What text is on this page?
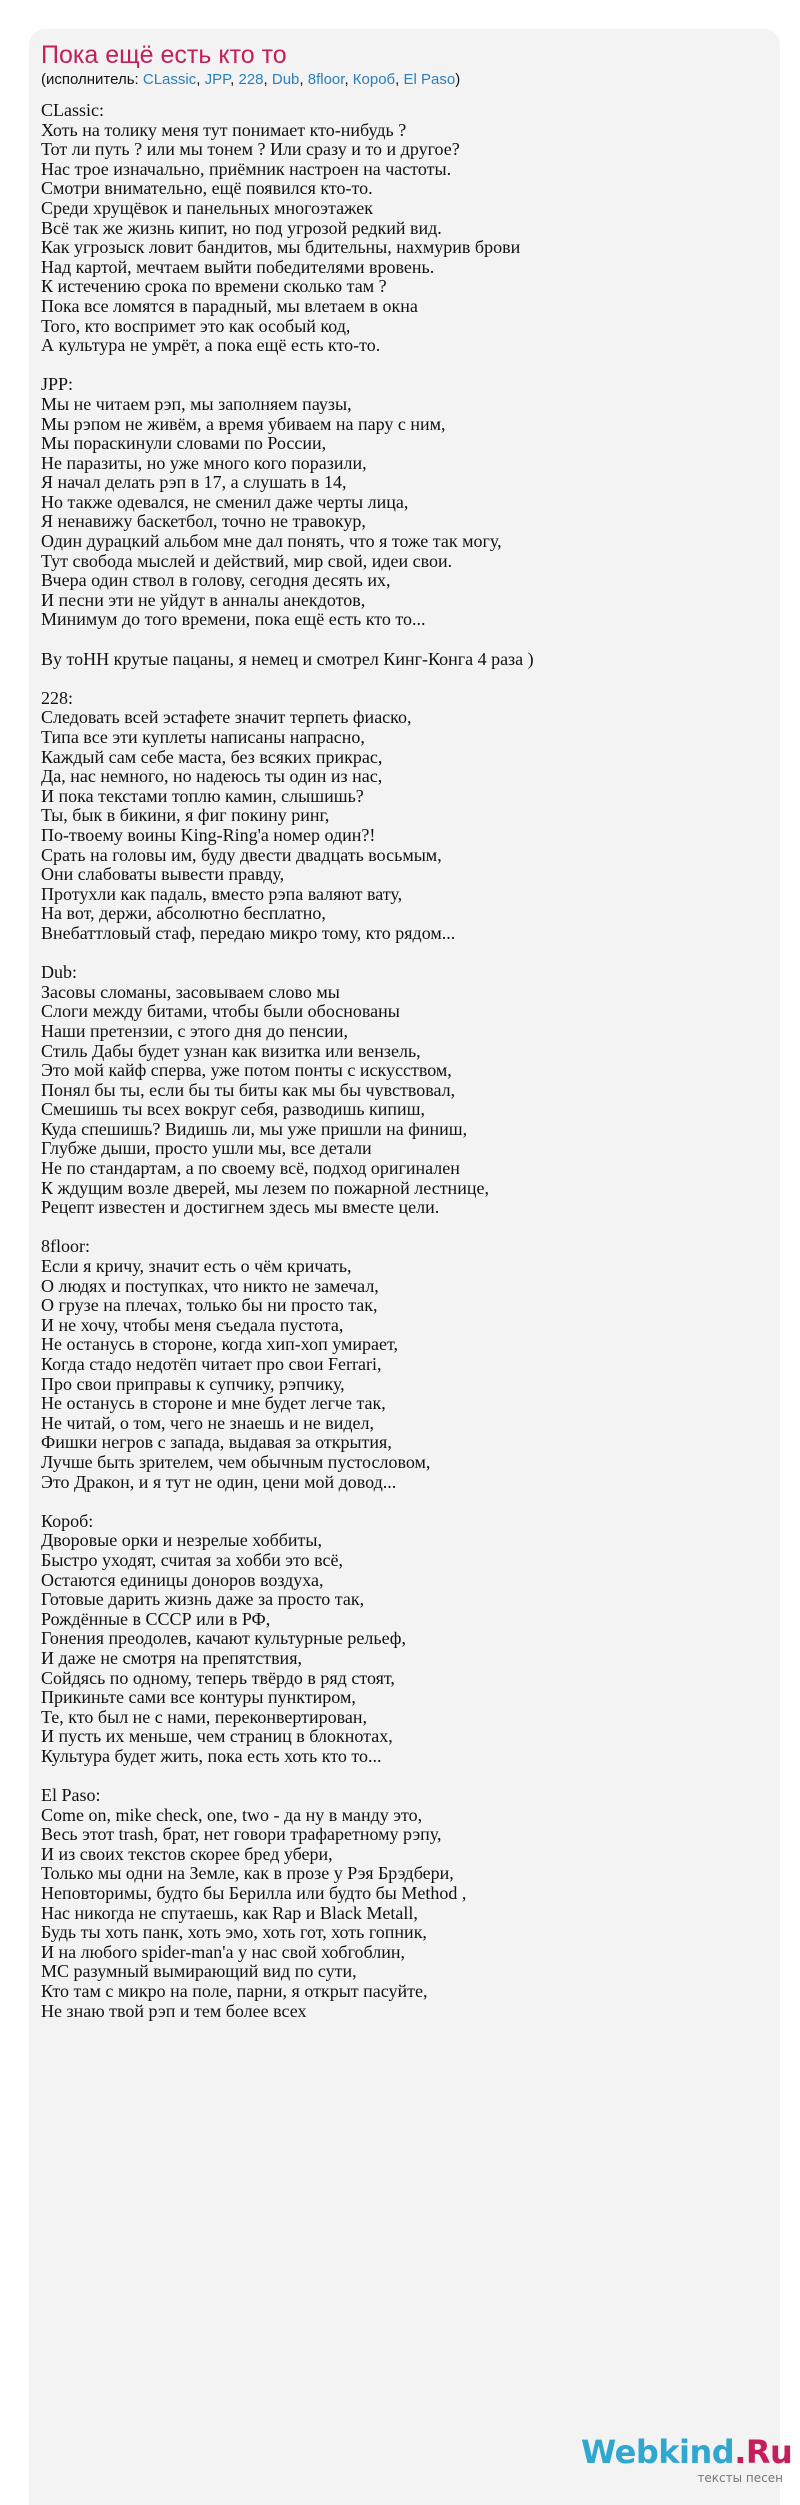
Пока ещё есть кто то
(исполнитель: CLassic, JPP, 228, Dub, 8floor, Короб, El Paso)
CLassic:
Хоть на толику меня тут понимает кто-нибудь ?
Тот ли путь ? или мы тонем ? Или сразу и то и другое?
Нас трое изначально, приёмник настроен на частоты.
Смотри внимательно, ещё появился кто-то.
Среди хрущёвок и панельных многоэтажек
Всё так же жизнь кипит, но под угрозой редкий вид.
Как угрозыск ловит бандитов, мы бдительны, нахмурив брови
Над картой, мечтаем выйти победителями вровень.
К истечению срока по времени сколько там ?
Пока все ломятся в парадный, мы влетаем в окна
Того, кто воспримет это как особый код,
А культура не умрёт, а пока ещё есть кто-то.
JPP:
Мы не читаем рэп, мы заполняем паузы,
Мы рэпом не живём, а время убиваем на пару с ним,
Мы пораскинули словами по России,
Не паразиты, но уже много кого поразили,
Я начал делать рэп в 17, а слушать в 14,
Но также одевался, не сменил даже черты лица,
Я ненавижу баскетбол, точно не травокур,
Один дурацкий альбом мне дал понять, что я тоже так могу,
Тут свобода мыслей и действий, мир свой, идеи свои.
Вчера один ствол в голову, сегодня десять их,
И песни эти не уйдут в анналы анекдотов,
Минимум до того времени, пока ещё есть кто то...
By тоНН крутые пацаны, я немец и смотрел Кинг-Конга 4 раза )
228:
Следовать всей эстафете значит терпеть фиаско,
Типа все эти куплеты написаны напрасно,
Каждый сам себе маста, без всяких прикрас,
Да, нас немного, но надеюсь ты один из нас,
И пока текстами топлю камин, слышишь?
Ты, бык в бикини, я фиг покину ринг,
По-твоему воины King-Ring'а номер один?!
Срать на головы им, буду двести двадцать восьмым,
Они слабоваты вывести правду,
Протухли как падаль, вместо рэпа валяют вату,
На вот, держи, абсолютно бесплатно,
Внебаттловый стаф, передаю микро тому, кто рядом...
Dub:
Засовы сломаны, засовываем слово мы
Слоги между битами, чтобы были обоснованы
Наши претензии, с этого дня до пенсии,
Стиль Дабы будет узнан как визитка или вензель,
Это мой кайф сперва, уже потом понты с искусством,
Понял бы ты, если бы ты биты как мы бы чувствовал,
Смешишь ты всех вокруг себя, разводишь кипиш,
Куда спешишь? Видишь ли, мы уже пришли на финиш,
Глубже дыши, просто ушли мы, все детали
Не по стандартам, а по своему всё, подход оригинален
К ждущим возле дверей, мы лезем по пожарной лестнице,
Рецепт известен и достигнем здесь мы вместе цели.
8floor:
Если я кричу, значит есть о чём кричать,
О людях и поступках, что никто не замечал,
О грузе на плечах, только бы ни просто так,
И не хочу, чтобы меня съедала пустота,
Не останусь в стороне, когда хип-хоп умирает,
Когда стадо недотёп читает про свои Ferrari,
Про свои приправы к супчику, рэпчику,
Не останусь в стороне и мне будет легче так,
Не читай, о том, чего не знаешь и не видел,
Фишки негров с запада, выдавая за открытия,
Лучше быть зрителем, чем обычным пустословом,
Это Дракон, и я тут не один, цени мой довод...
Короб:
Дворовые орки и незрелые хоббиты,
Быстро уходят, считая за хобби это всё,
Остаются единицы доноров воздуха,
Готовые дарить жизнь даже за просто так,
Рождённые в СССР или в РФ,
Гонения преодолев, качают культурные рельеф,
И даже не смотря на препятствия,
Сойдясь по одному, теперь твёрдо в ряд стоят,
Прикиньте сами все контуры пунктиром,
Те, кто был не с нами, переконвертирован,
И пусть их меньше, чем страниц в блокнотах,
Культура будет жить, пока есть хоть кто то...
El Paso:
Come on, mike check, one, two - да ну в манду это,
Весь этот trash, брат, нет говори трафаретному рэпу,
И из своих текстов скорее бред убери,
Только мы одни на Земле, как в прозе у Рэя Брэдбери,
Неповторимы, будто бы Берилла или будто бы Method ,
Нас никогда не спутаешь, как Rap и Black Metall,
Будь ты хоть панк, хоть эмо, хоть гот, хоть гопник,
И на любого spider-man'а у нас свой хобгоблин,
МС разумный вымирающий вид по сути,
Кто там с микро на поле, парни, я открыт пасуйте,
Не знаю твой рэп и тем более всех
Webkind.Ru
тексты песен
